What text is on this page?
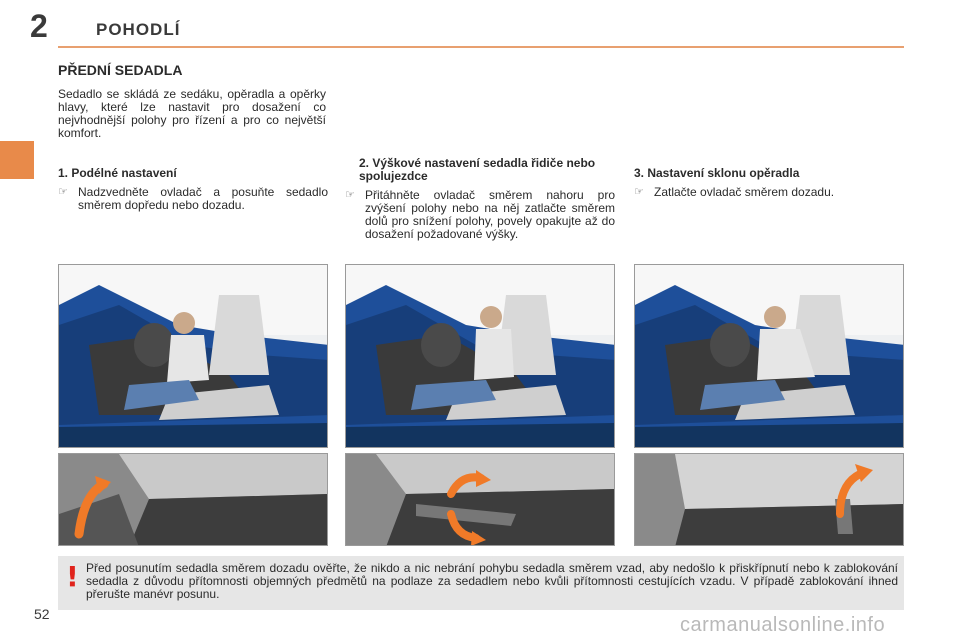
2	POHODLÍ
PŘEDNÍ SEDADLA
Sedadlo se skládá ze sedáku, opěradla a opěrky hlavy, které lze nastavit pro dosažení co nejvhodnější polohy pro řízení a pro co největší komfort.
1. Podélné nastavení
☞ Nadzvedněte ovladač a posuňte sedadlo směrem dopředu nebo dozadu.
2. Výškové nastavení sedadla řidiče nebo spolujezdce
☞ Přitáhněte ovladač směrem nahoru pro zvýšení polohy nebo na něj zatlačte směrem dolů pro snížení polohy, povely opakujte až do dosažení požadované výšky.
3. Nastavení sklonu opěradla
☞ Zatlačte ovladač směrem dozadu.
! Před posunutím sedadla směrem dozadu ověřte, že nikdo a nic nebrání pohybu sedadla směrem vzad, aby nedošlo k přiskřípnutí nebo k zablokování sedadla z důvodu přítomnosti objemných předmětů na podlaze za sedadlem nebo kvůli přítomnosti cestujících vzadu. V případě zablokování ihned přerušte manévr posunu.
52	carmanualsonline.info
